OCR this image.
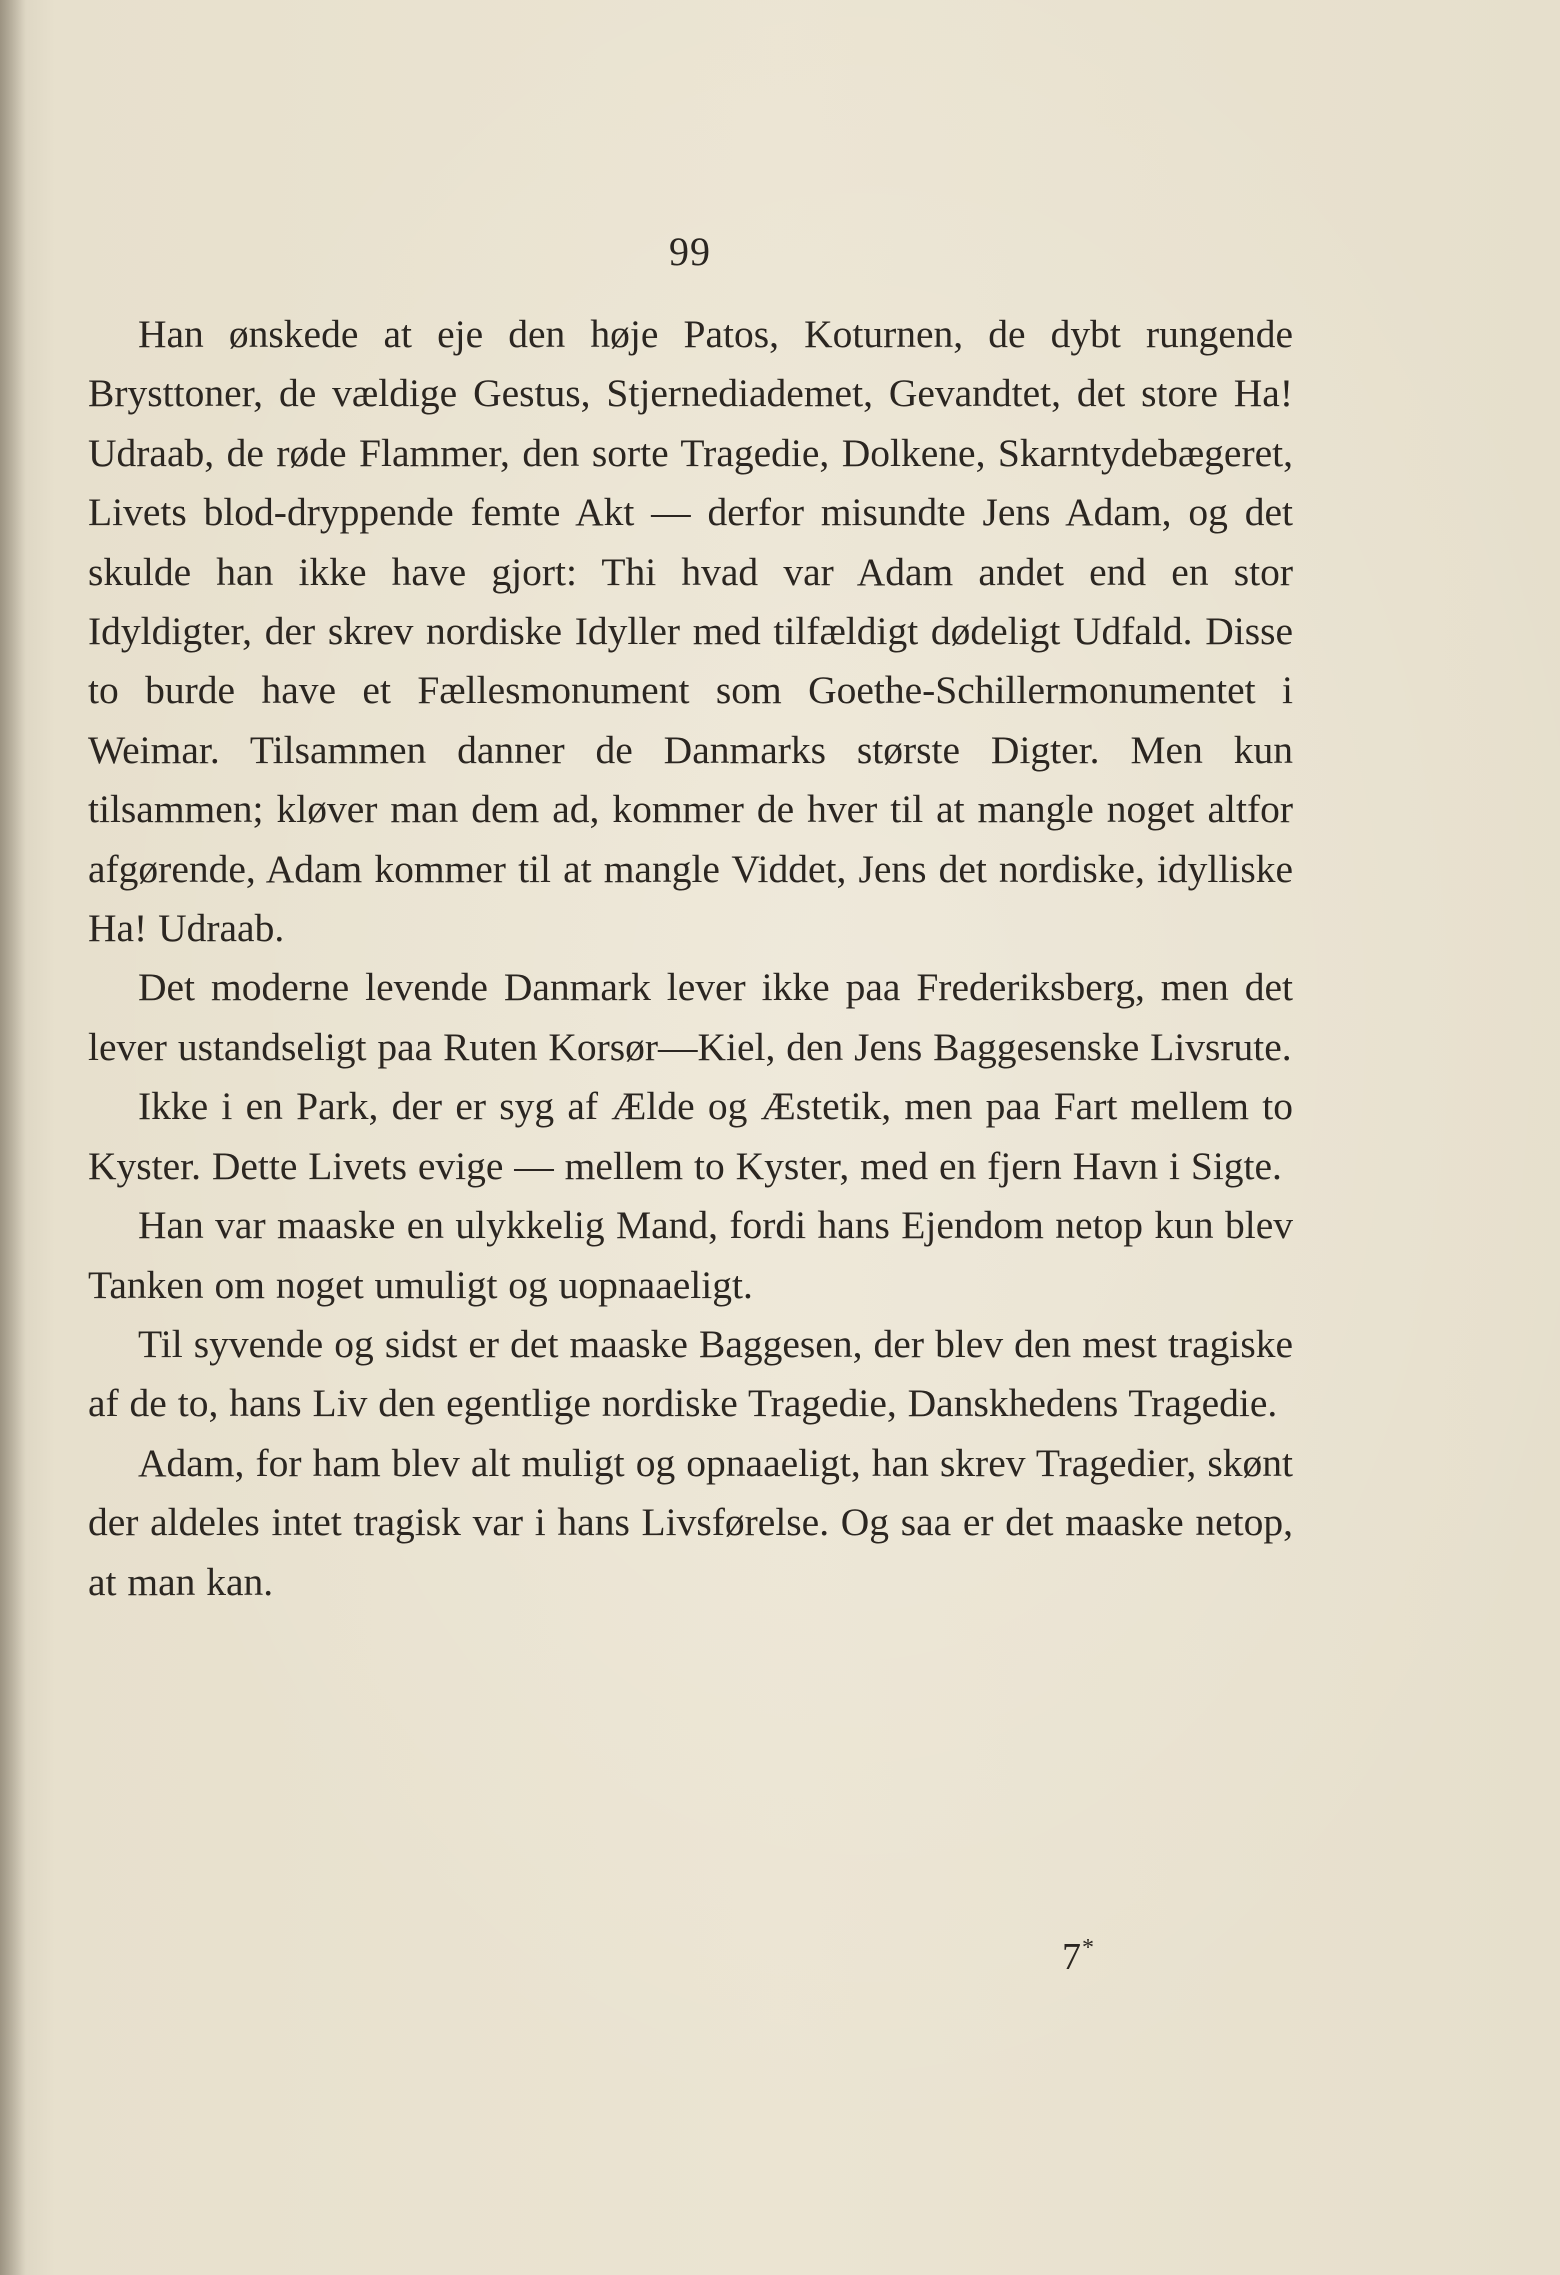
99

Han ønskede at eje den høje Patos, Koturnen, de dybt rungende Brysttoner, de vældige Gestus, Stjernediademet, Gevandtet, det store Ha! Udraab, de røde Flammer, den sorte Tragedie, Dolkene, Skarntydebægeret, Livets blod-dryppende femte Akt — derfor misundte Jens Adam, og det skulde han ikke have gjort: Thi hvad var Adam andet end en stor Idyldigter, der skrev nordiske Idyller med tilfældigt dødeligt Udfald. Disse to burde have et Fællesmonument som Goethe-Schillermonumentet i Weimar. Tilsammen danner de Danmarks største Digter. Men kun tilsammen; kløver man dem ad, kommer de hver til at mangle noget altfor afgørende, Adam kommer til at mangle Viddet, Jens det nordiske, idylliske Ha! Udraab.

Det moderne levende Danmark lever ikke paa Frederiksberg, men det lever ustandseligt paa Ruten Korsør—Kiel, den Jens Baggesenske Livsrute.

Ikke i en Park, der er syg af Ælde og Æstetik, men paa Fart mellem to Kyster. Dette Livets evige — mellem to Kyster, med en fjern Havn i Sigte.

Han var maaske en ulykkelig Mand, fordi hans Ejendom netop kun blev Tanken om noget umuligt og uopnaaeligt.

Til syvende og sidst er det maaske Baggesen, der blev den mest tragiske af de to, hans Liv den egentlige nordiske Tragedie, Danskhedens Tragedie.

Adam, for ham blev alt muligt og opnaaeligt, han skrev Tragedier, skønt der aldeles intet tragisk var i hans Livsførelse. Og saa er det maaske netop, at man kan.

7*
